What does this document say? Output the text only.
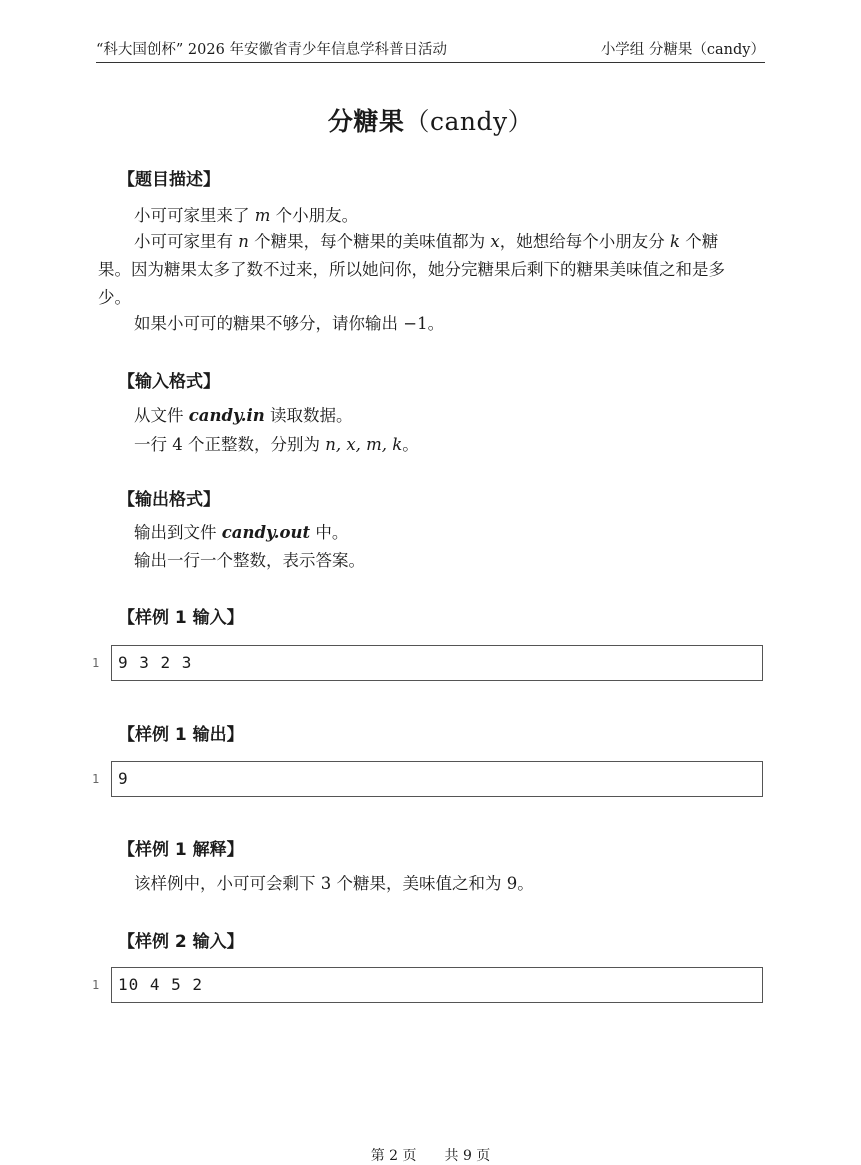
“科大国创杯” 2026 年安徽省青少年信息学科普日活动	小学组 分糖果（candy）
分糖果（candy）
【题目描述】
小可可家里来了 m 个小朋友。
小可可家里有 n 个糖果，每个糖果的美味值都为 x，她想给每个小朋友分 k 个糖果。因为糖果太多了数不过来，所以她问你，她分完糖果后剩下的糖果美味值之和是多少。
如果小可可的糖果不够分，请你输出 −1。
【输入格式】
从文件 candy.in 读取数据。
一行 4 个正整数，分别为 n, x, m, k。
【输出格式】
输出到文件 candy.out 中。
输出一行一个整数，表示答案。
【样例 1 输入】
1	9 3 2 3
【样例 1 输出】
1	9
【样例 1 解释】
该样例中，小可可会剩下 3 个糖果，美味值之和为 9。
【样例 2 输入】
1	10 4 5 2
第 2 页 共 9 页
